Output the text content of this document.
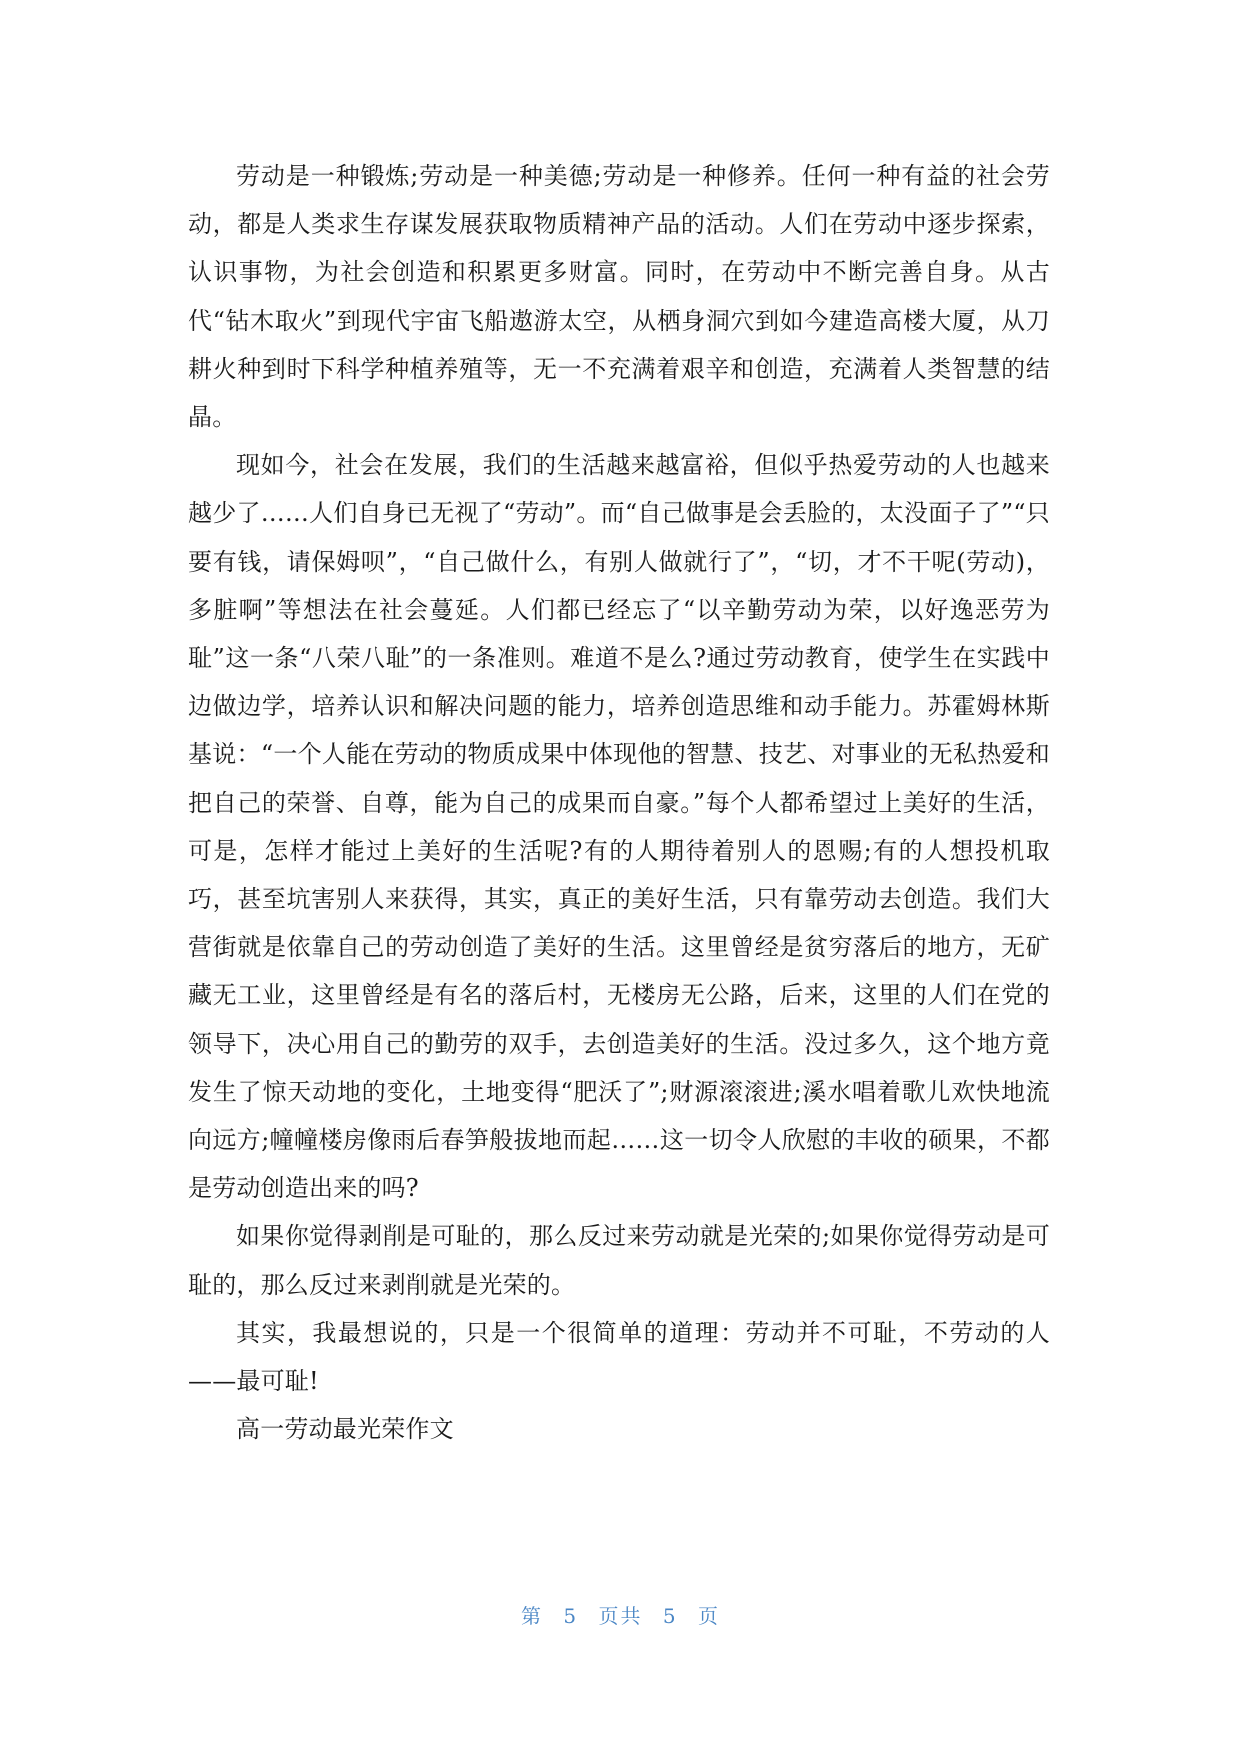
劳动是一种锻炼;劳动是一种美德;劳动是一种修养。任何一种有益的社会劳动，都是人类求生存谋发展获取物质精神产品的活动。人们在劳动中逐步探索，认识事物，为社会创造和积累更多财富。同时，在劳动中不断完善自身。从古代“钻木取火”到现代宇宙飞船遨游太空，从栖身洞穴到如今建造高楼大厦，从刀耕火种到时下科学种植养殖等，无一不充满着艰辛和创造，充满着人类智慧的结晶。

现如今，社会在发展，我们的生活越来越富裕，但似乎热爱劳动的人也越来越少了……人们自身已无视了“劳动”。而“自己做事是会丢脸的，太没面子了”“只要有钱，请保姆呗”，“自己做什么，有别人做就行了”，“切，才不干呢(劳动)，多脏啊”等想法在社会蔓延。人们都已经忘了“以辛勤劳动为荣，以好逸恶劳为耻”这一条“八荣八耻”的一条准则。难道不是么?通过劳动教育，使学生在实践中边做边学，培养认识和解决问题的能力，培养创造思维和动手能力。苏霍姆林斯基说：“一个人能在劳动的物质成果中体现他的智慧、技艺、对事业的无私热爱和把自己的荣誉、自尊，能为自己的成果而自豪。”每个人都希望过上美好的生活，可是，怎样才能过上美好的生活呢?有的人期待着别人的恩赐;有的人想投机取巧，甚至坑害别人来获得，其实，真正的美好生活，只有靠劳动去创造。我们大营街就是依靠自己的劳动创造了美好的生活。这里曾经是贫穷落后的地方，无矿藏无工业，这里曾经是有名的落后村，无楼房无公路，后来，这里的人们在党的领导下，决心用自己的勤劳的双手，去创造美好的生活。没过多久，这个地方竟发生了惊天动地的变化，土地变得“肥沃了”;财源滚滚进;溪水唱着歌儿欢快地流向远方;幢幢楼房像雨后春笋般拔地而起……这一切令人欣慰的丰收的硕果，不都是劳动创造出来的吗?

如果你觉得剥削是可耻的，那么反过来劳动就是光荣的;如果你觉得劳动是可耻的，那么反过来剥削就是光荣的。

其实，我最想说的，只是一个很简单的道理：劳动并不可耻，不劳动的人——最可耻!

高一劳动最光荣作文

第 5 页共 5 页
